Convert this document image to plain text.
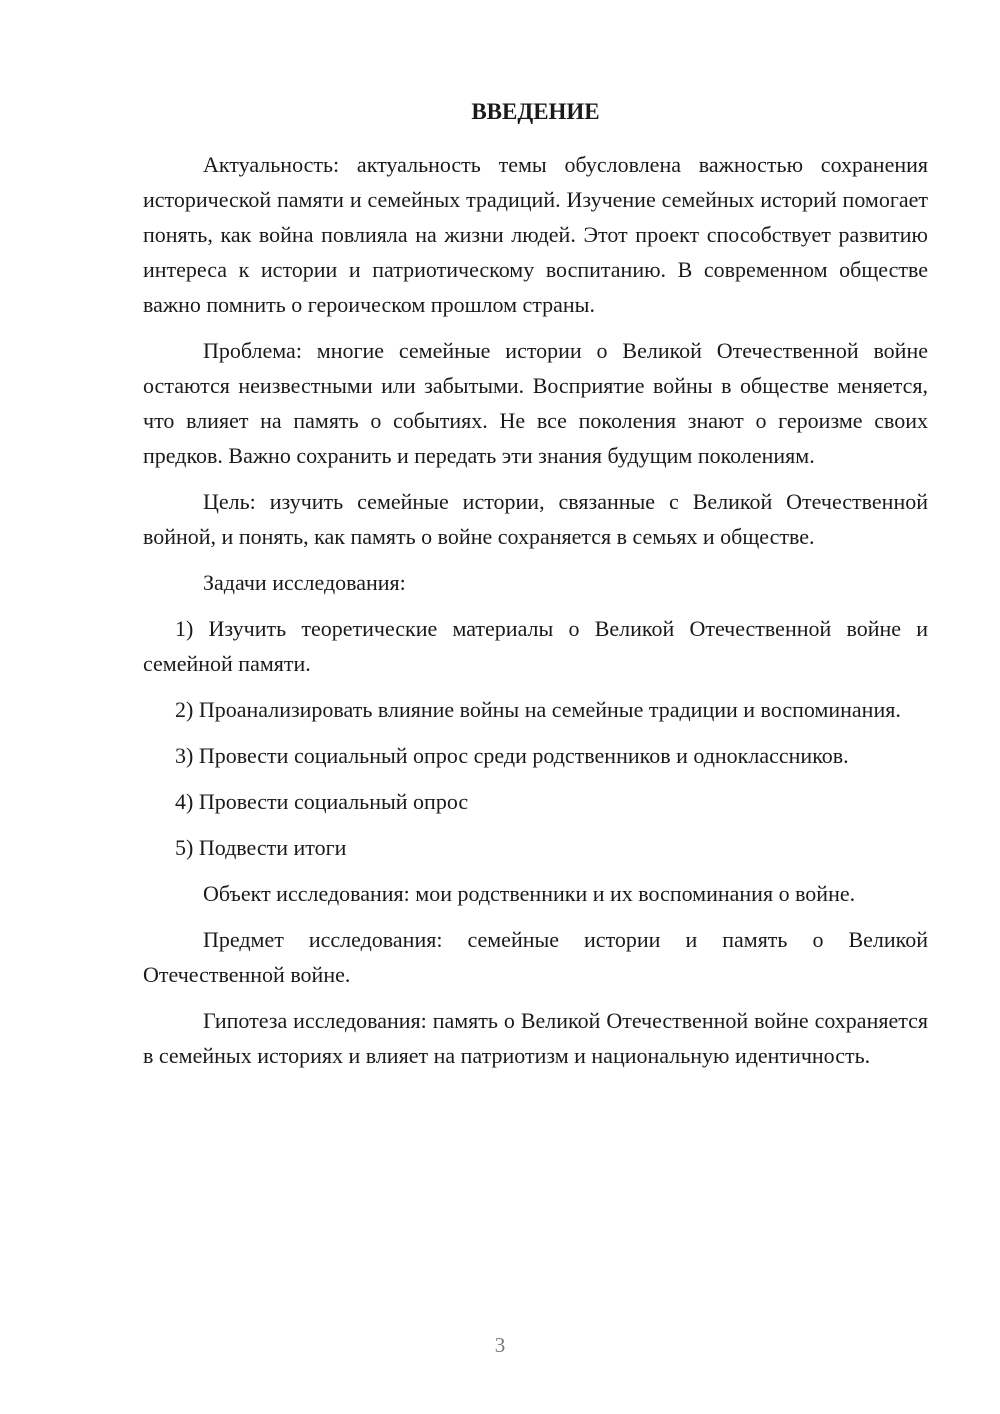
ВВЕДЕНИЕ

Актуальность: актуальность темы обусловлена важностью сохранения исторической памяти и семейных традиций. Изучение семейных историй помогает понять, как война повлияла на жизни людей. Этот проект способствует развитию интереса к истории и патриотическому воспитанию. В современном обществе важно помнить о героическом прошлом страны.

Проблема: многие семейные истории о Великой Отечественной войне остаются неизвестными или забытыми. Восприятие войны в обществе меняется, что влияет на память о событиях. Не все поколения знают о героизме своих предков. Важно сохранить и передать эти знания будущим поколениям.

Цель: изучить семейные истории, связанные с Великой Отечественной войной, и понять, как память о войне сохраняется в семьях и обществе.

Задачи исследования:

1) Изучить теоретические материалы о Великой Отечественной войне и семейной памяти.

2) Проанализировать влияние войны на семейные традиции и воспоминания.

3) Провести социальный опрос среди родственников и одноклассников.

4) Провести социальный опрос

5) Подвести итоги

Объект исследования: мои родственники и их воспоминания о войне.

Предмет исследования: семейные истории и память о Великой Отечественной войне.

Гипотеза исследования: память о Великой Отечественной войне сохраняется в семейных историях и влияет на патриотизм и национальную идентичность.

3
